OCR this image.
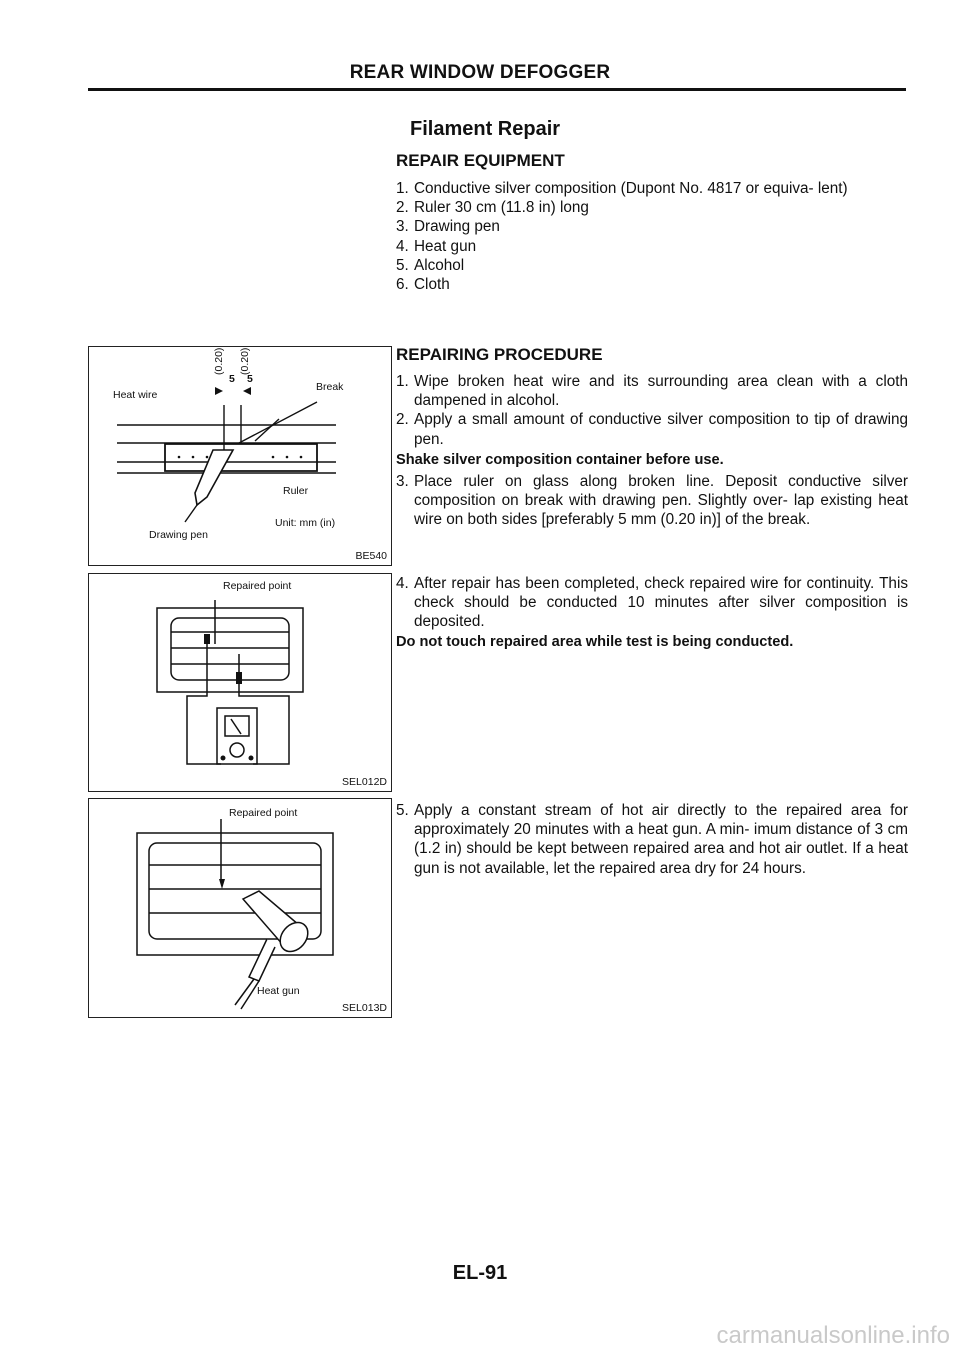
REAR WINDOW DEFOGGER
Filament Repair
REPAIR EQUIPMENT
1. Conductive silver composition (Dupont No. 4817 or equiva- lent)
2. Ruler 30 cm (11.8 in) long
3. Drawing pen
4. Heat gun
5. Alcohol
6. Cloth
REPAIRING PROCEDURE
1. Wipe broken heat wire and its surrounding area clean with a cloth dampened in alcohol.
2. Apply a small amount of conductive silver composition to tip of drawing pen.
Shake silver composition container before use.
3. Place ruler on glass along broken line. Deposit conductive silver composition on break with drawing pen. Slightly over- lap existing heat wire on both sides [preferably 5 mm (0.20 in)] of the break.
4. After repair has been completed, check repaired wire for continuity. This check should be conducted 10 minutes after silver composition is deposited.
Do not touch repaired area while test is being conducted.
5. Apply a constant stream of hot air directly to the repaired area for approximately 20 minutes with a heat gun. A min- imum distance of 3 cm (1.2 in) should be kept between repaired area and hot air outlet. If a heat gun is not available, let the repaired area dry for 24 hours.
Heat wire
Break
Ruler
Drawing pen
Unit: mm (in)
5 5
(0.20) (0.20)
BE540
Repaired point
SEL012D
Repaired point
Heat gun
SEL013D
EL-91
carmanualsonline.info
